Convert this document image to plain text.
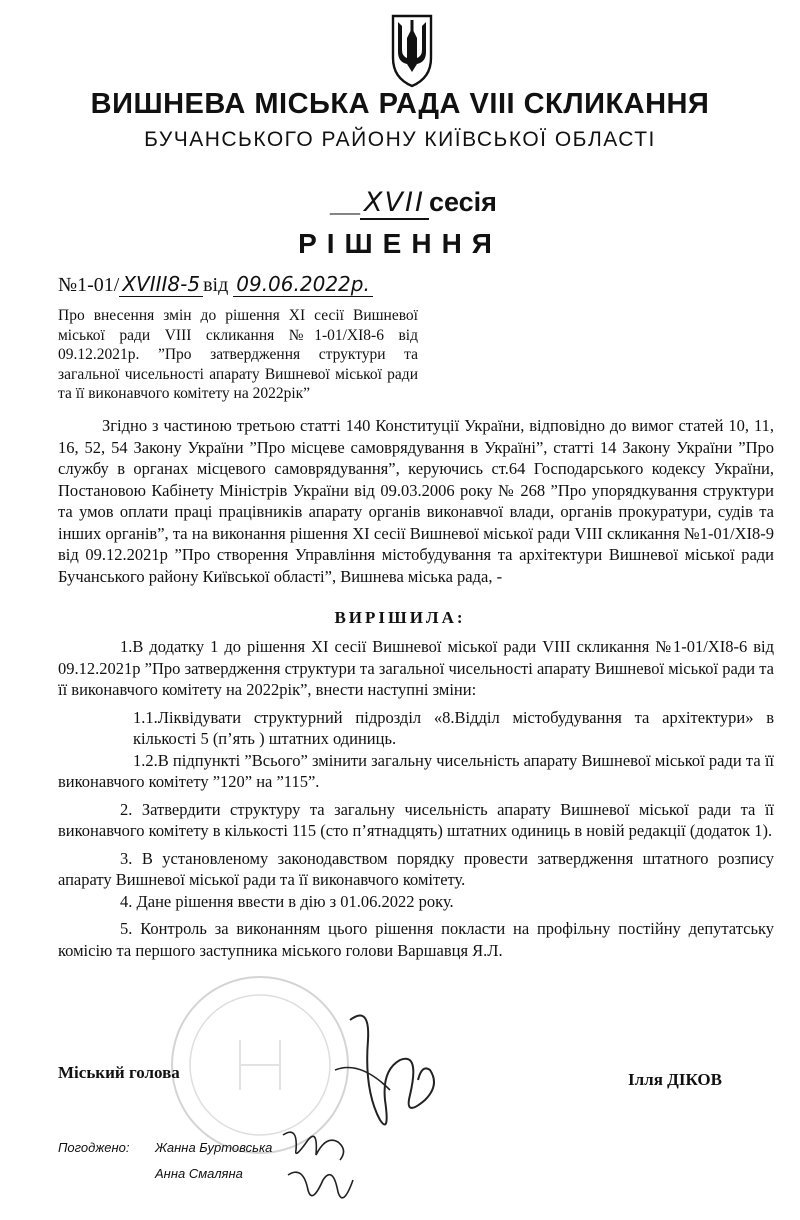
ВИШНЕВА МІСЬКА РАДА VIII СКЛИКАННЯ
БУЧАНСЬКОГО РАЙОНУ КИЇВСЬКОЇ ОБЛАСТІ
__ XVII сесія
РІШЕННЯ
№1-01/ XVIII8-5 від 09.06.2022р.
Про внесення змін до рішення XI сесії Вишневої міської ради VIII скликання №1-01/XI8-6 від 09.12.2021р. ”Про затвердження структури та загальної чисельності апарату Вишневої міської ради та її виконавчого комітету на 2022рік”
Згідно з частиною третьою статті 140 Конституції України, відповідно до вимог статей 10, 11, 16, 52, 54 Закону України ”Про місцеве самоврядування в Україні”, статті 14 Закону України ”Про службу в органах місцевого самоврядування”, керуючись ст.64 Господарського кодексу України, Постановою Кабінету Міністрів України від 09.03.2006 року № 268 ”Про упорядкування структури та умов оплати праці працівників апарату органів виконавчої влади, органів прокуратури, судів та інших органів”, та на виконання рішення XI сесії Вишневої міської ради VIII скликання №1-01/XI8-9 від 09.12.2021р ”Про створення Управління містобудування та архітектури Вишневої міської ради Бучанського району Київської області”, Вишнева міська рада, -
ВИРІШИЛА:
1.В додатку 1 до рішення XI сесії Вишневої міської ради VIII скликання №1-01/XI8-6 від 09.12.2021р ”Про затвердження структури та загальної чисельності апарату Вишневої міської ради та її виконавчого комітету на 2022рік”, внести наступні зміни:
1.1.Ліквідувати структурний підрозділ «8.Відділ містобудування та архітектури» в кількості 5 (п’ять ) штатних одиниць.
1.2.В підпункті ”Всього” змінити загальну чисельність апарату Вишневої міської ради та її виконавчого комітету ”120” на ”115”.
2. Затвердити структуру та загальну чисельність апарату Вишневої міської ради та її виконавчого комітету в кількості 115 (сто п’ятнадцять) штатних одиниць в новій редакції (додаток 1).
3. В установленому законодавством порядку провести затвердження штатного розпису апарату Вишневої міської ради та її виконавчого комітету.
4. Дане рішення ввести в дію з 01.06.2022 року.
5. Контроль за виконанням цього рішення покласти на профільну постійну депутатську комісію та першого заступника міського голови Варшавця Я.Л.
Міський голова	Ілля ДІКОВ
Погоджено: Жанна Буртовська
Анна Смаляна
